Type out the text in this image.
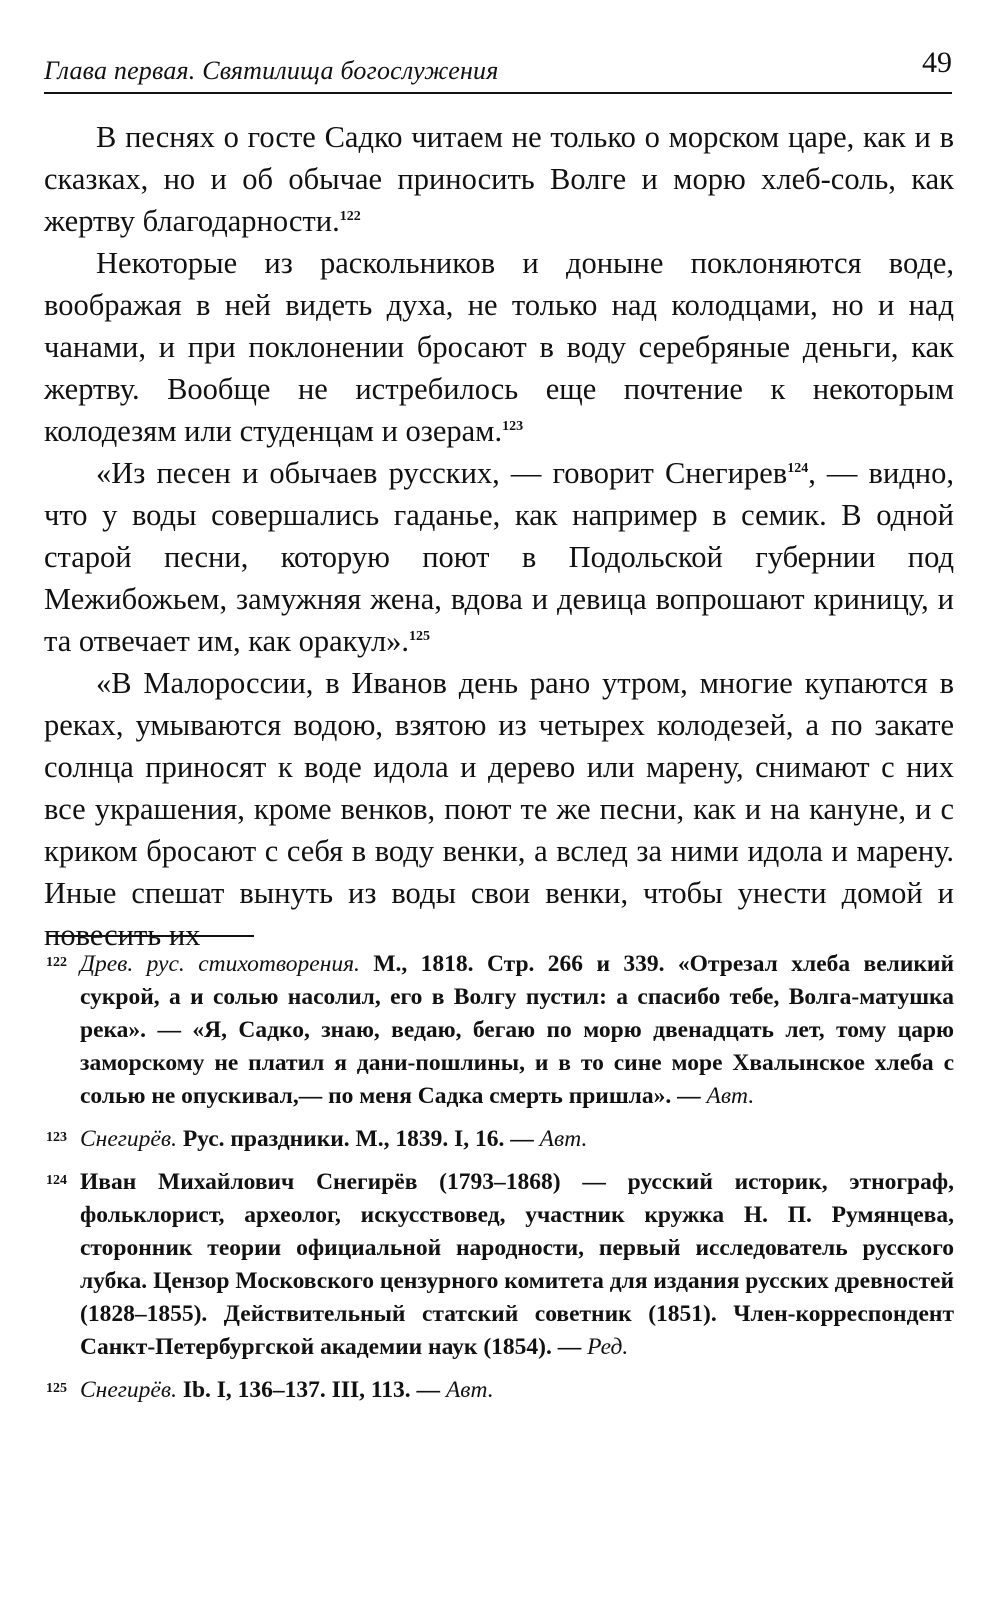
Глава первая. Святилища богослужения	49

В песнях о госте Садко читаем не только о морском царе, как и в сказках, но и об обычае приносить Волге и морю хлеб-соль, как жертву благодарности.$^{122}$

Некоторые из раскольников и доныне поклоняются воде, воображая в ней видеть духа, не только над колодцами, но и над чанами, и при поклонении бросают в воду серебряные деньги, как жертву. Вообще не истребилось еще почтение к некоторым колодезям или студенцам и озерам.$^{123}$

«Из песен и обычаев русских, — говорит Снегирев$^{124}$, — видно, что у воды совершались гаданье, как например в семик. В одной старой песни, которую поют в Подольской губернии под Межибожьем, замужняя жена, вдова и девица вопрошают криницу, и та отвечает им, как оракул».$^{125}$

«В Малороссии, в Иванов день рано утром, многие купаются в реках, умываются водою, взятою из четырех колодезей, а по закате солнца приносят к воде идола и дерево или марену, снимают с них все украшения, кроме венков, поют те же песни, как и на кануне, и с криком бросают с себя в воду венки, а вслед за ними идола и марену. Иные спешат вынуть из воды свои венки, чтобы унести домой и повесить их

122 Древ. рус. стихотворения. М., 1818. Стр. 266 и 339. «Отрезал хлеба великий сукрой, а и солью насолил, его в Волгу пустил: а спасибо тебе, Волга-матушка река». — «Я, Садко, знаю, ведаю, бегаю по морю двенадцать лет, тому царю заморскому не платил я дани-пошлины, и в то сине море Хвалынское хлеба с солью не опускивал,— по меня Садка смерть пришла». — Авт.
123 Снегирёв. Рус. праздники. М., 1839. I, 16. — Авт.
124 Иван Михайлович Снегирёв (1793–1868) — русский историк, этнограф, фольклорист, археолог, искусствовед, участник кружка Н. П. Румянцева, сторонник теории официальной народности, первый исследователь русского лубка. Цензор Московского цензурного комитета для издания русских древностей (1828–1855). Действительный статский советник (1851). Член-корреспондент Санкт-Петербургской академии наук (1854). — Ред.
125 Снегирёв. Ib. I, 136–137. III, 113. — Авт.
